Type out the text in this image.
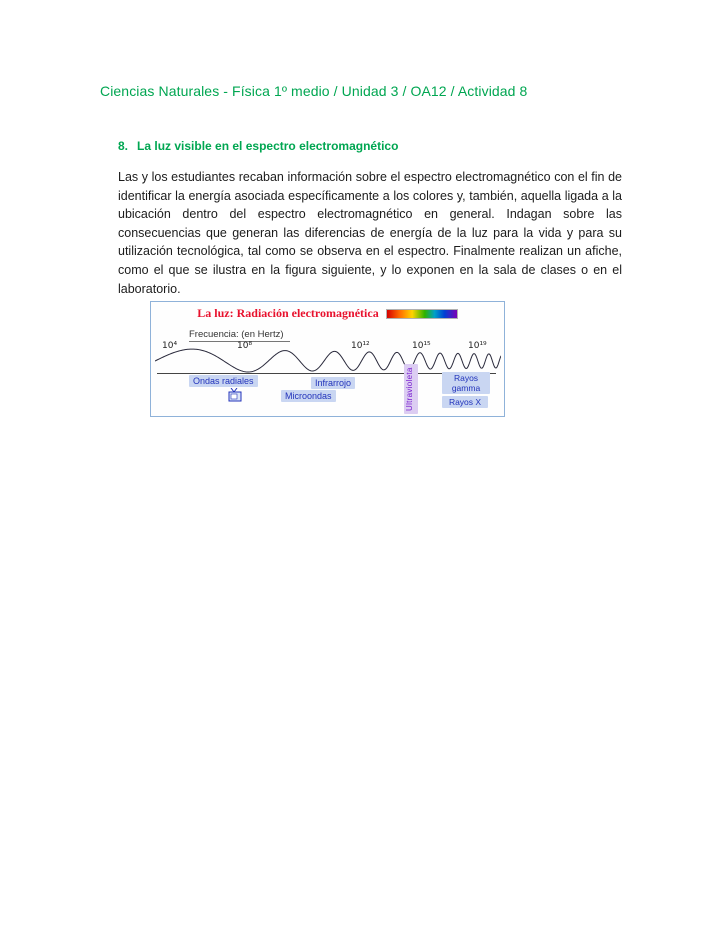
Ciencias Naturales - Física 1º medio / Unidad 3 / OA12 / Actividad 8
8. La luz visible en el espectro electromagnético

Las y los estudiantes recaban información sobre el espectro electromagnético con el fin de identificar la energía asociada específicamente a los colores y, también, aquella ligada a la ubicación dentro del espectro electromagnético en general. Indagan sobre las consecuencias que generan las diferencias de energía de la luz para la vida y para su utilización tecnológica, tal como se observa en el espectro. Finalmente realizan un afiche, como el que se ilustra en la figura siguiente, y lo exponen en la sala de clases o en el laboratorio.

La luz: Radiación electromagnética
Frecuencia: (en Hertz)
10⁴	10⁸	10¹²	10¹⁵	10¹⁹
Ultravioleta
Ondas radiales	Infrarrojo
Microondas
Rayos gamma
Rayos X
